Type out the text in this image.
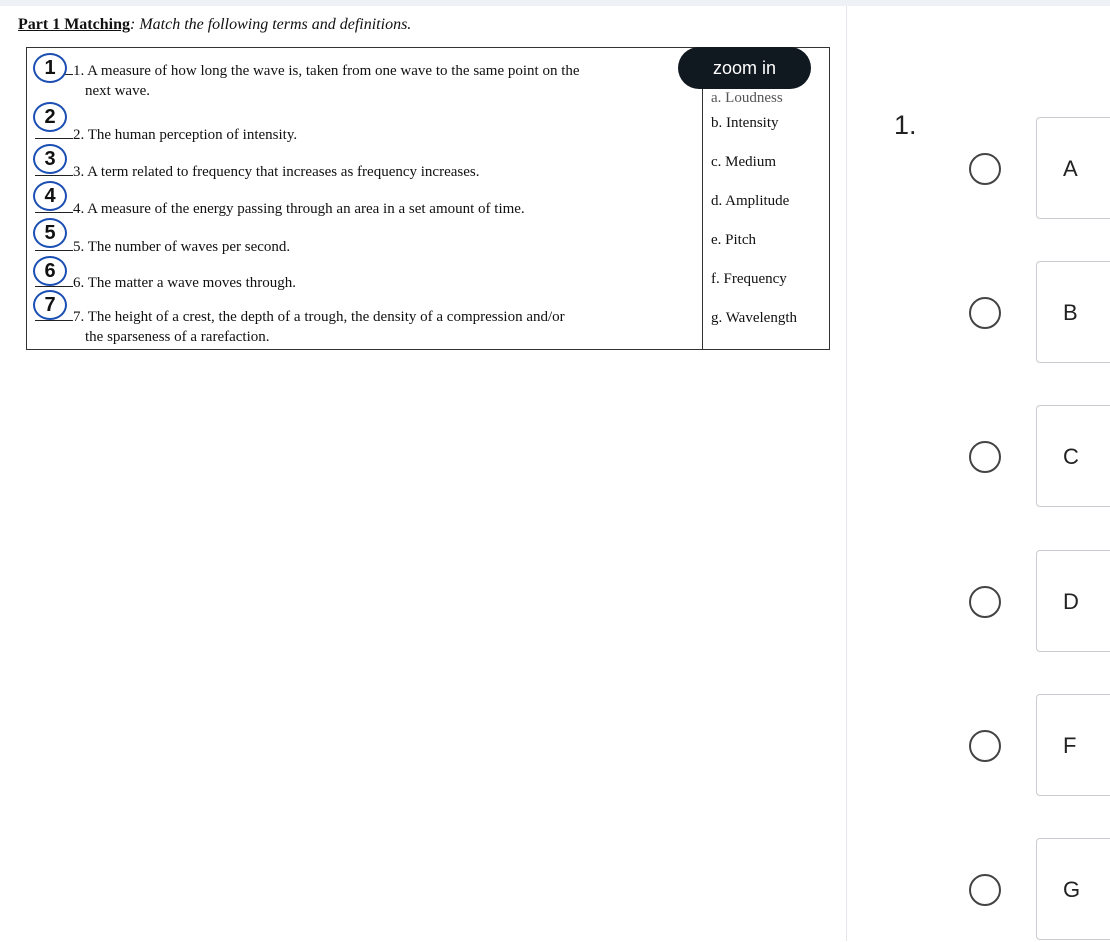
Part 1 Matching: Match the following terms and definitions.
1. A measure of how long the wave is, taken from one wave to the same point on the
next wave.
2. The human perception of intensity.
3. A term related to frequency that increases as frequency increases.
4. A measure of the energy passing through an area in a set amount of time.
5. The number of waves per second.
6. The matter a wave moves through.
7. The height of a crest, the depth of a trough, the density of a compression and/or
the sparseness of a rarefaction.
a. Loudness
b. Intensity
c. Medium
d. Amplitude
e. Pitch
f. Frequency
g. Wavelength
1
2
3
4
5
6
7
zoom in
1.
A
B
C
D
F
G
